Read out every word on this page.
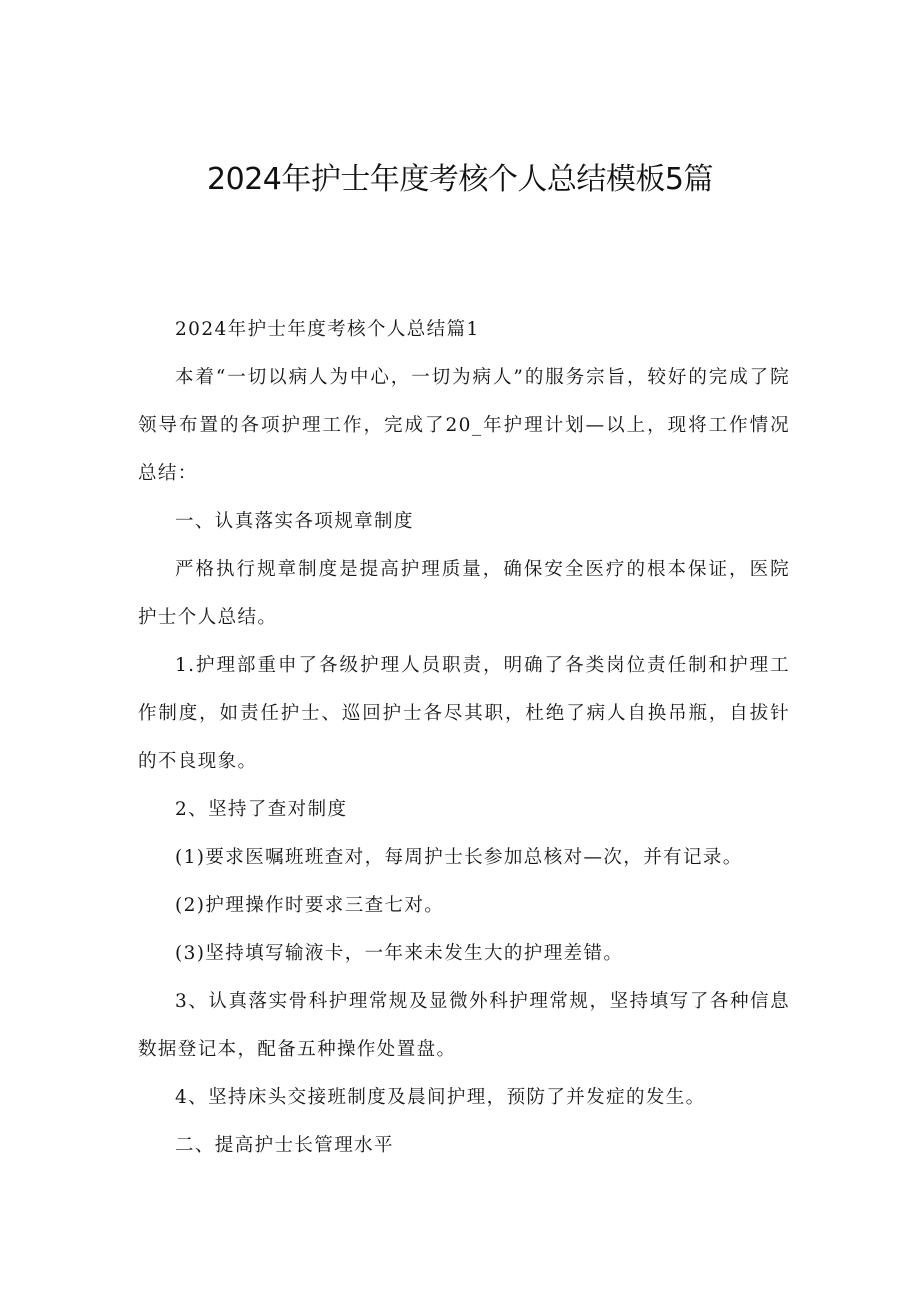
2024年护士年度考核个人总结模板5篇

2024年护士年度考核个人总结篇1

本着“一切以病人为中心，一切为病人”的服务宗旨，较好的完成了院领导布置的各项护理工作，完成了20_年护理计划—以上，现将工作情况总结：

一、认真落实各项规章制度

严格执行规章制度是提高护理质量，确保安全医疗的根本保证，医院护士个人总结。

1.护理部重申了各级护理人员职责，明确了各类岗位责任制和护理工作制度，如责任护士、巡回护士各尽其职，杜绝了病人自换吊瓶，自拔针的不良现象。

2、坚持了查对制度

(1)要求医嘱班班查对，每周护士长参加总核对—次，并有记录。

(2)护理操作时要求三查七对。

(3)坚持填写输液卡，一年来未发生大的护理差错。

3、认真落实骨科护理常规及显微外科护理常规，坚持填写了各种信息数据登记本，配备五种操作处置盘。

4、坚持床头交接班制度及晨间护理，预防了并发症的发生。

二、提高护士长管理水平
